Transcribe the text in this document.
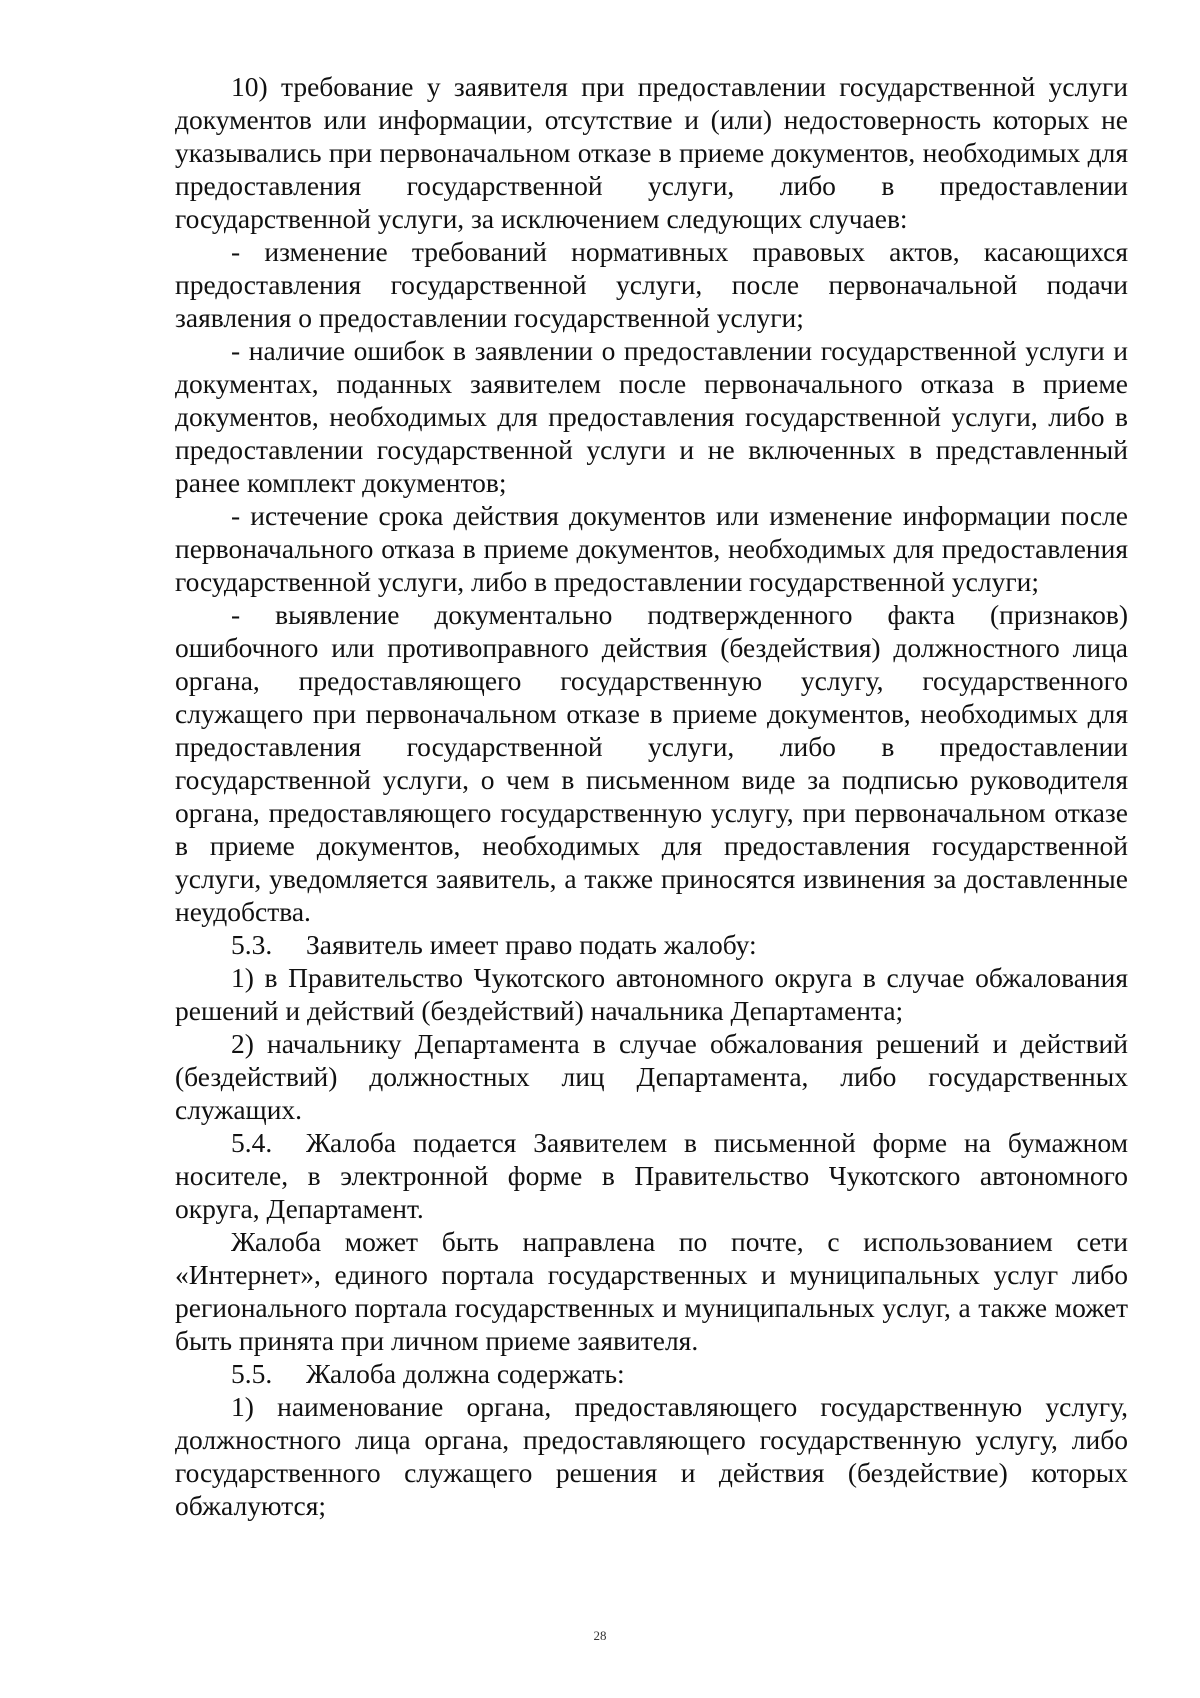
10) требование у заявителя при предоставлении государственной услуги документов или информации, отсутствие и (или) недостоверность которых не указывались при первоначальном отказе в приеме документов, необходимых для предоставления государственной услуги, либо в предоставлении государственной услуги, за исключением следующих случаев:

- изменение требований нормативных правовых актов, касающихся предоставления государственной услуги, после первоначальной подачи заявления о предоставлении государственной услуги;

- наличие ошибок в заявлении о предоставлении государственной услуги и документах, поданных заявителем после первоначального отказа в приеме документов, необходимых для предоставления государственной услуги, либо в предоставлении государственной услуги и не включенных в представленный ранее комплект документов;

- истечение срока действия документов или изменение информации после первоначального отказа в приеме документов, необходимых для предоставления государственной услуги, либо в предоставлении государственной услуги;

- выявление документально подтвержденного факта (признаков) ошибочного или противоправного действия (бездействия) должностного лица органа, предоставляющего государственную услугу, государственного служащего при первоначальном отказе в приеме документов, необходимых для предоставления государственной услуги, либо в предоставлении государственной услуги, о чем в письменном виде за подписью руководителя органа, предоставляющего государственную услугу, при первоначальном отказе в приеме документов, необходимых для предоставления государственной услуги, уведомляется заявитель, а также приносятся извинения за доставленные неудобства.

5.3. Заявитель имеет право подать жалобу:

1) в Правительство Чукотского автономного округа в случае обжалования решений и действий (бездействий) начальника Департамента;

2) начальнику Департамента в случае обжалования решений и действий (бездействий) должностных лиц Департамента, либо государственных служащих.

5.4. Жалоба подается Заявителем в письменной форме на бумажном носителе, в электронной форме в Правительство Чукотского автономного округа, Департамент.

Жалоба может быть направлена по почте, с использованием сети «Интернет», единого портала государственных и муниципальных услуг либо регионального портала государственных и муниципальных услуг, а также может быть принята при личном приеме заявителя.

5.5. Жалоба должна содержать:

1) наименование органа, предоставляющего государственную услугу, должностного лица органа, предоставляющего государственную услугу, либо государственного служащего решения и действия (бездействие) которых обжалуются;

28
